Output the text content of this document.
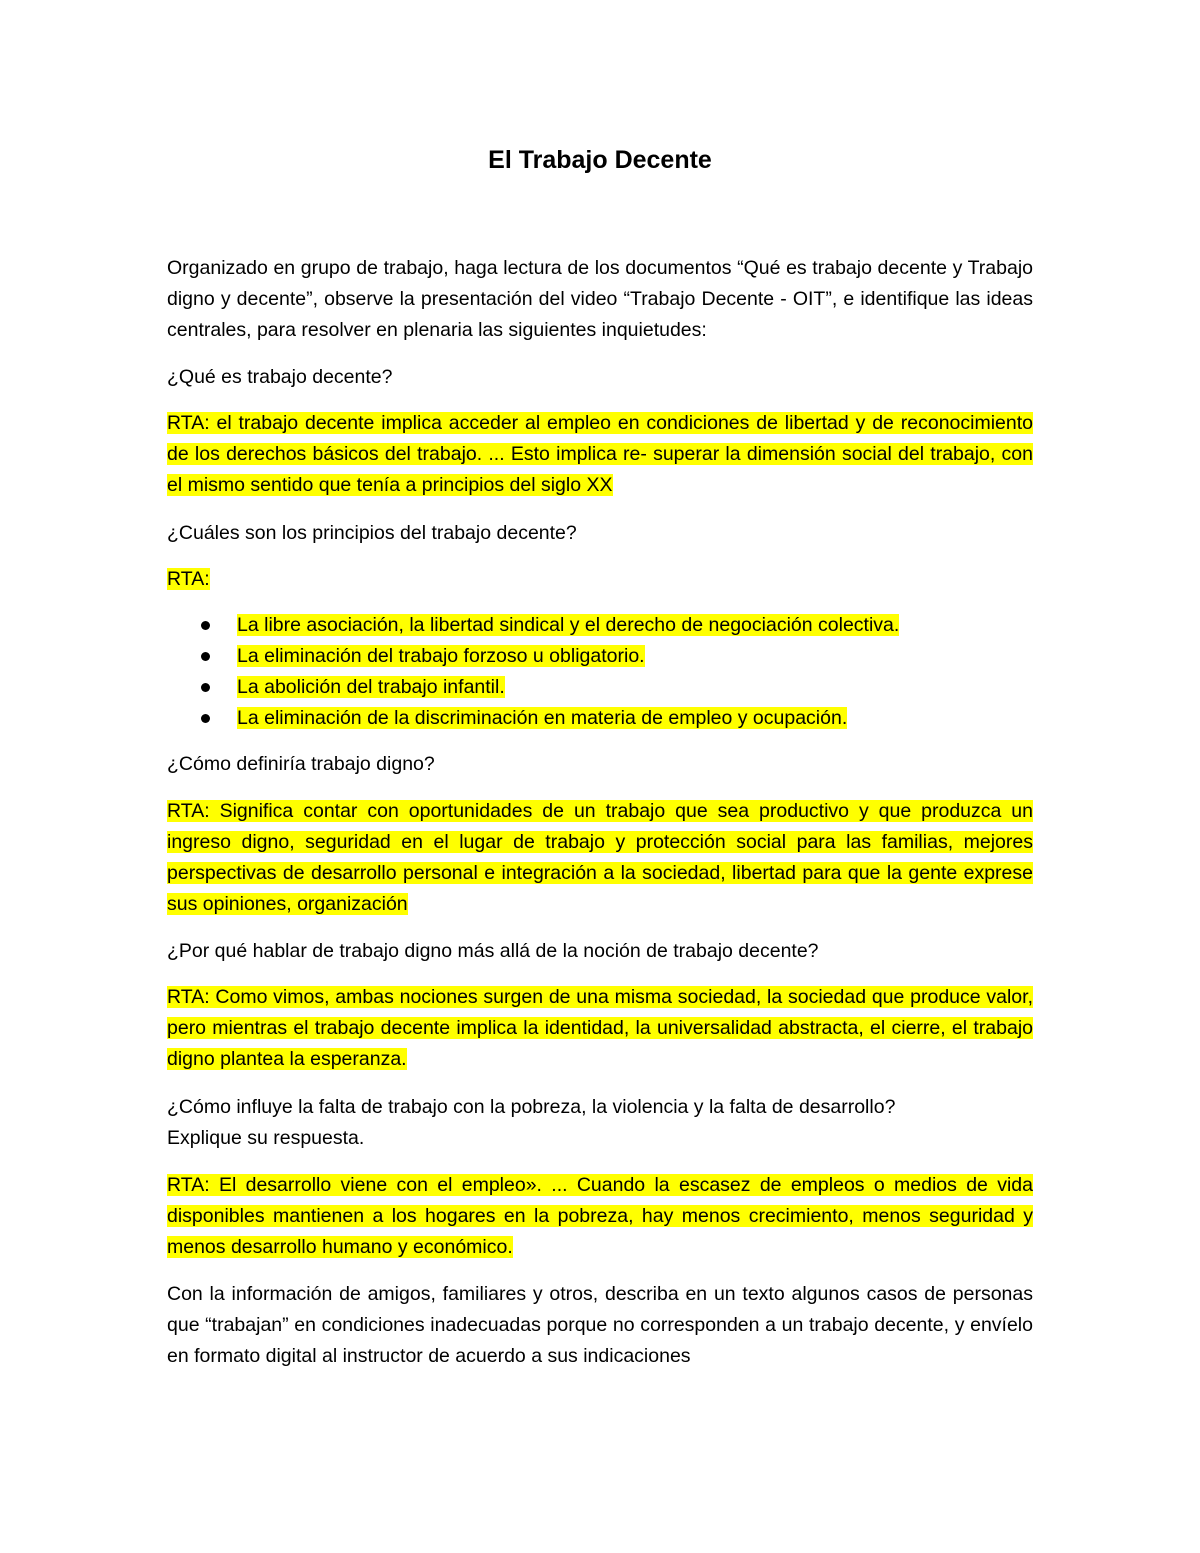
El Trabajo Decente
Organizado en grupo de trabajo, haga lectura de los documentos “Qué es trabajo decente y Trabajo digno y decente”, observe la presentación del video “Trabajo Decente - OIT”, e identifique las ideas centrales, para resolver en plenaria las siguientes inquietudes:
¿Qué es trabajo decente?
RTA: el trabajo decente implica acceder al empleo en condiciones de libertad y de reconocimiento de los derechos básicos del trabajo. ... Esto implica re- superar la dimensión social del trabajo, con el mismo sentido que tenía a principios del siglo XX
¿Cuáles son los principios del trabajo decente?
RTA:
La libre asociación, la libertad sindical y el derecho de negociación colectiva.
La eliminación del trabajo forzoso u obligatorio.
La abolición del trabajo infantil.
La eliminación de la discriminación en materia de empleo y ocupación.
¿Cómo definiría trabajo digno?
RTA: Significa contar con oportunidades de un trabajo que sea productivo y que produzca un ingreso digno, seguridad en el lugar de trabajo y protección social para las familias, mejores perspectivas de desarrollo personal e integración a la sociedad, libertad para que la gente exprese sus opiniones, organización
¿Por qué hablar de trabajo digno más allá de la noción de trabajo decente?
RTA: Como vimos, ambas nociones surgen de una misma sociedad, la sociedad que produce valor, pero mientras el trabajo decente implica la identidad, la universalidad abstracta, el cierre, el trabajo digno plantea la esperanza.
¿Cómo influye la falta de trabajo con la pobreza, la violencia y la falta de desarrollo?
Explique su respuesta.
RTA: El desarrollo viene con el empleo». ... Cuando la escasez de empleos o medios de vida disponibles mantienen a los hogares en la pobreza, hay menos crecimiento, menos seguridad y menos desarrollo humano y económico.
Con la información de amigos, familiares y otros, describa en un texto algunos casos de personas que “trabajan” en condiciones inadecuadas porque no corresponden a un trabajo decente, y envíelo en formato digital al instructor de acuerdo a sus indicaciones
